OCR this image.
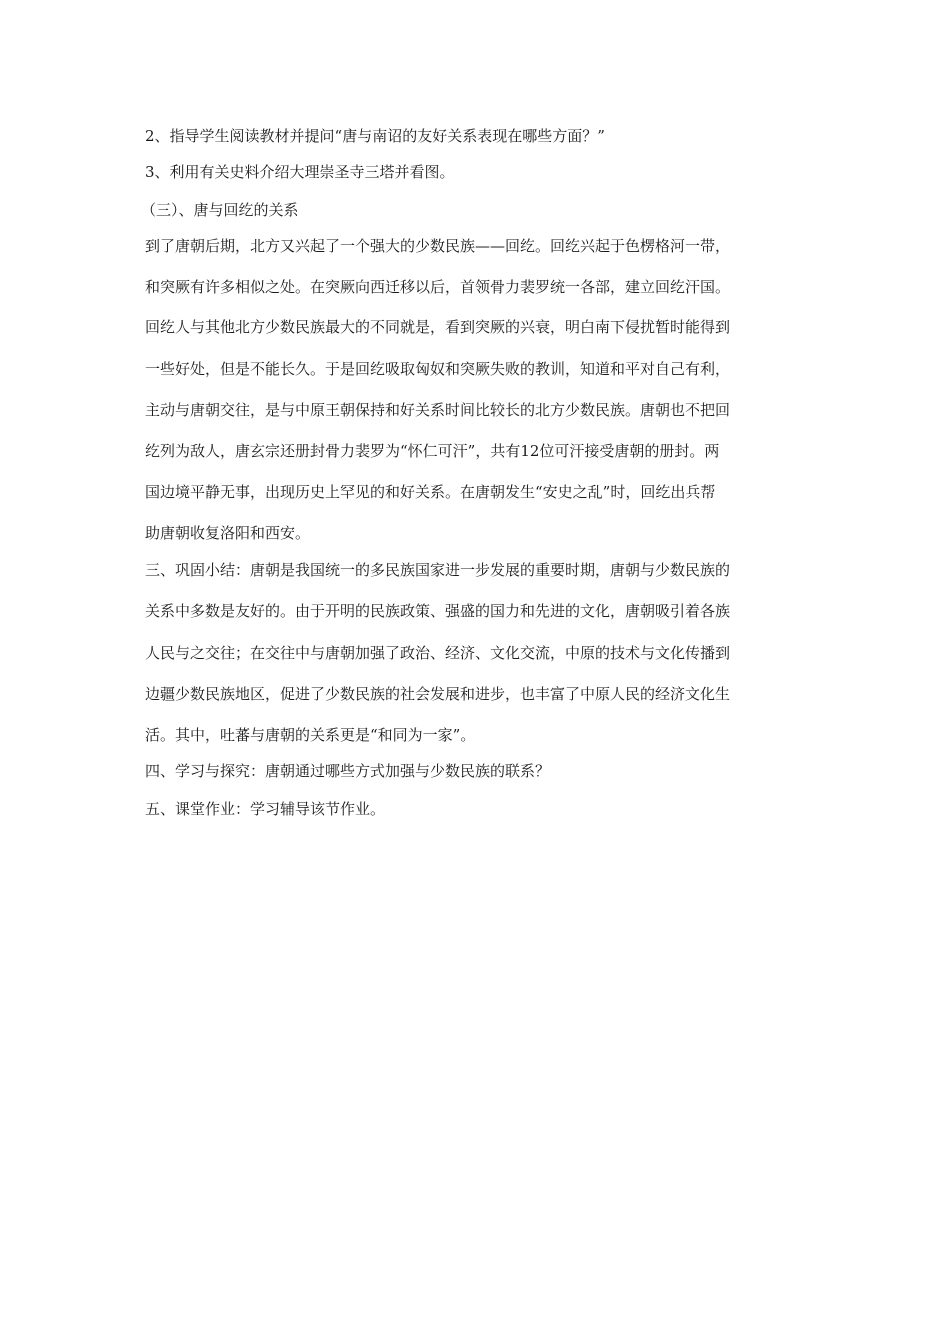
2、指导学生阅读教材并提问“唐与南诏的友好关系表现在哪些方面？”
3、利用有关史料介绍大理崇圣寺三塔并看图。
（三）、唐与回纥的关系
到了唐朝后期，北方又兴起了一个强大的少数民族——回纥。回纥兴起于色楞格河一带，
和突厥有许多相似之处。在突厥向西迁移以后，首领骨力裴罗统一各部，建立回纥汗国。
回纥人与其他北方少数民族最大的不同就是，看到突厥的兴衰，明白南下侵扰暂时能得到
一些好处，但是不能长久。于是回纥吸取匈奴和突厥失败的教训，知道和平对自己有利，
主动与唐朝交往，是与中原王朝保持和好关系时间比较长的北方少数民族。唐朝也不把回
纥列为敌人，唐玄宗还册封骨力裴罗为“怀仁可汗”，共有12位可汗接受唐朝的册封。两
国边境平静无事，出现历史上罕见的和好关系。在唐朝发生“安史之乱”时，回纥出兵帮
助唐朝收复洛阳和西安。
三、巩固小结：唐朝是我国统一的多民族国家进一步发展的重要时期，唐朝与少数民族的
关系中多数是友好的。由于开明的民族政策、强盛的国力和先进的文化，唐朝吸引着各族
人民与之交往；在交往中与唐朝加强了政治、经济、文化交流，中原的技术与文化传播到
边疆少数民族地区，促进了少数民族的社会发展和进步，也丰富了中原人民的经济文化生
活。其中，吐蕃与唐朝的关系更是“和同为一家”。
四、学习与探究：唐朝通过哪些方式加强与少数民族的联系？
五、课堂作业：学习辅导该节作业。
